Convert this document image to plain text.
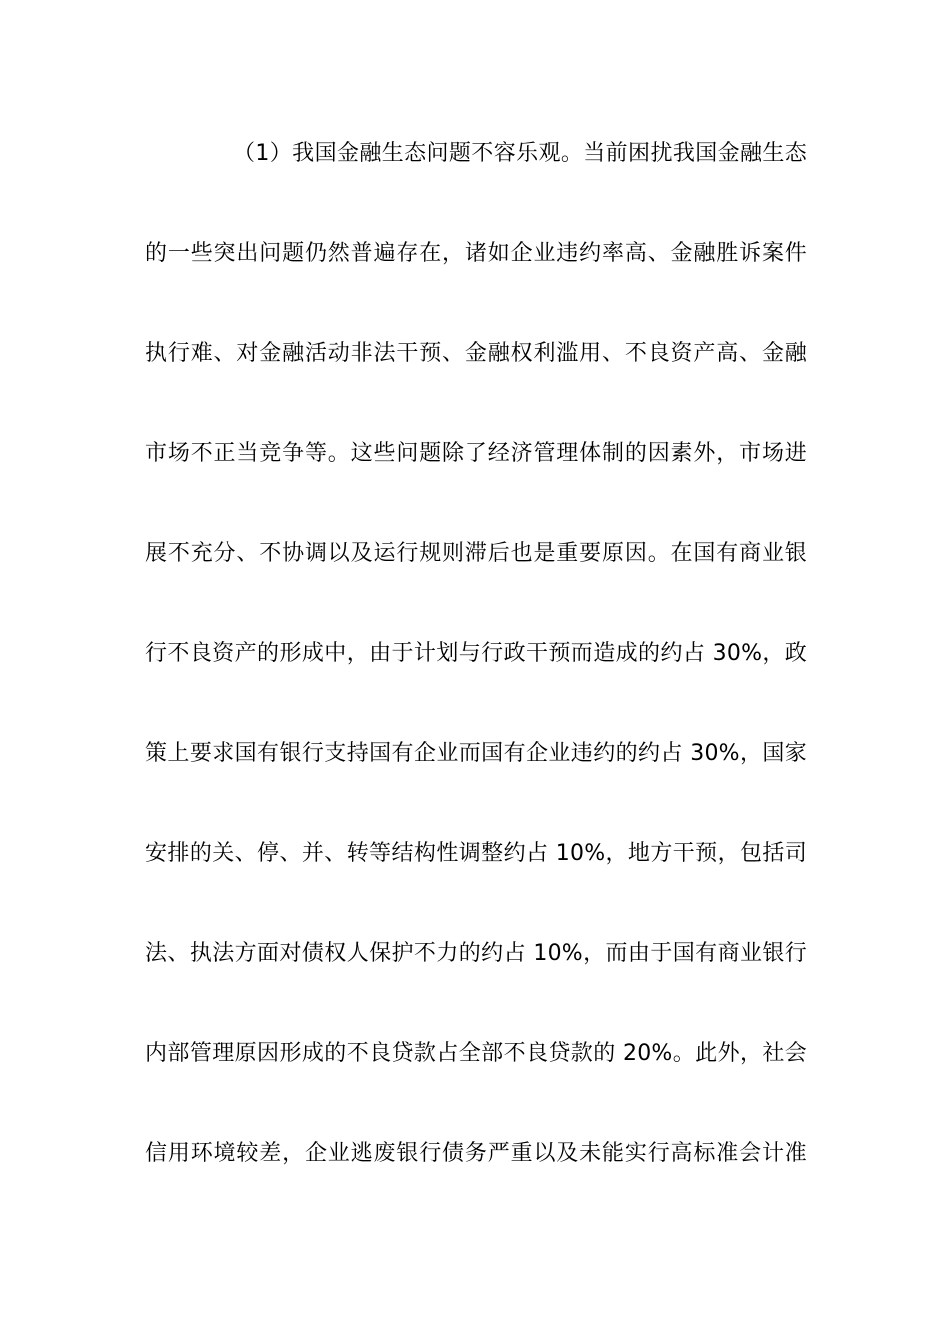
（1）我国金融生态问题不容乐观。当前困扰我国金融生态
的一些突出问题仍然普遍存在，诸如企业违约率高、金融胜诉案件
执行难、对金融活动非法干预、金融权利滥用、不良资产高、金融
市场不正当竞争等。这些问题除了经济管理体制的因素外，市场进
展不充分、不协调以及运行规则滞后也是重要原因。在国有商业银
行不良资产的形成中，由于计划与行政干预而造成的约占 30%，政
策上要求国有银行支持国有企业而国有企业违约的约占 30%，国家
安排的关、停、并、转等结构性调整约占 10%，地方干预，包括司
法、执法方面对债权人保护不力的约占 10%，而由于国有商业银行
内部管理原因形成的不良贷款占全部不良贷款的 20%。此外，社会
信用环境较差，企业逃废银行债务严重以及未能实行高标准会计准
